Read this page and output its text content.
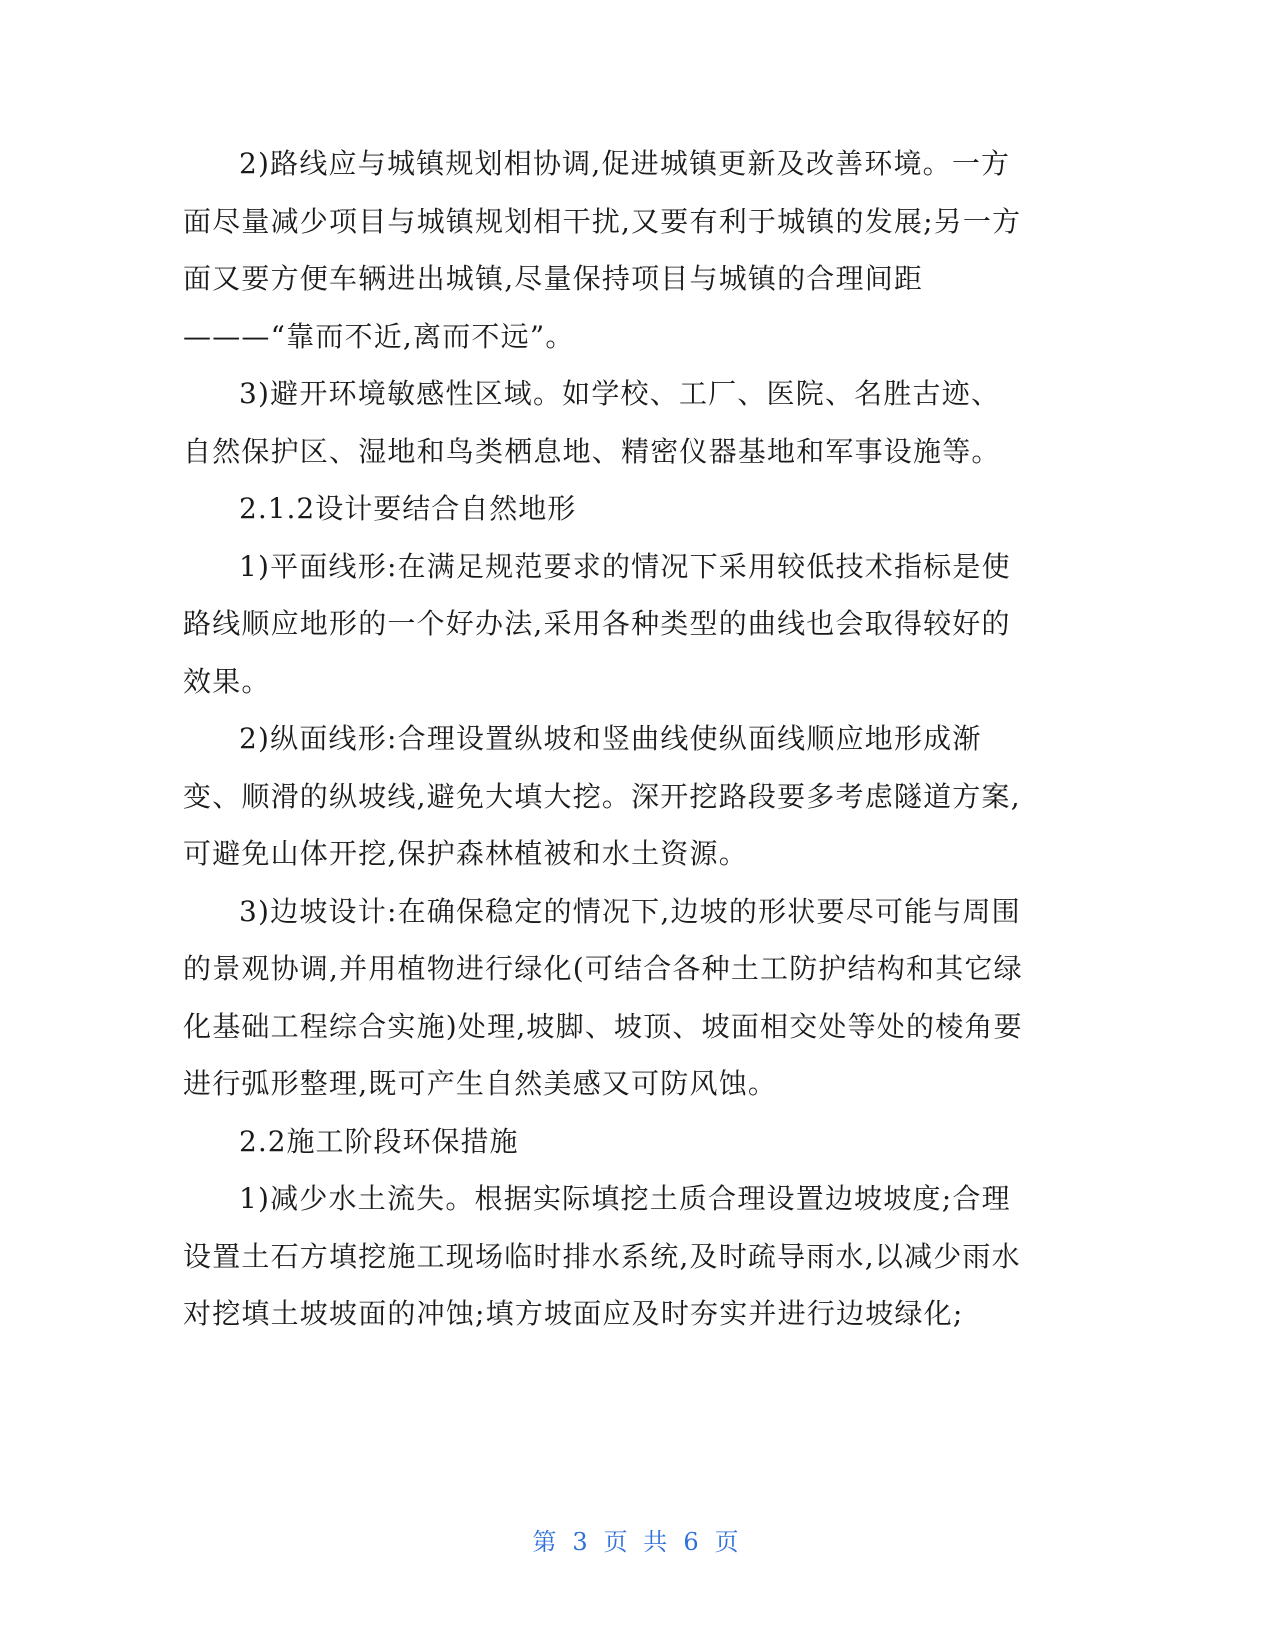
2)路线应与城镇规划相协调,促进城镇更新及改善环境。一方面尽量减少项目与城镇规划相干扰,又要有利于城镇的发展;另一方面又要方便车辆进出城镇,尽量保持项目与城镇的合理间距———“靠而不近,离而不远”。

3)避开环境敏感性区域。如学校、工厂、医院、名胜古迹、自然保护区、湿地和鸟类栖息地、精密仪器基地和军事设施等。

2.1.2设计要结合自然地形

1)平面线形:在满足规范要求的情况下采用较低技术指标是使路线顺应地形的一个好办法,采用各种类型的曲线也会取得较好的效果。

2)纵面线形:合理设置纵坡和竖曲线使纵面线顺应地形成渐变、顺滑的纵坡线,避免大填大挖。深开挖路段要多考虑隧道方案,可避免山体开挖,保护森林植被和水土资源。

3)边坡设计:在确保稳定的情况下,边坡的形状要尽可能与周围的景观协调,并用植物进行绿化(可结合各种土工防护结构和其它绿化基础工程综合实施)处理,坡脚、坡顶、坡面相交处等处的棱角要进行弧形整理,既可产生自然美感又可防风蚀。

2.2施工阶段环保措施

1)减少水土流失。根据实际填挖土质合理设置边坡坡度;合理设置土石方填挖施工现场临时排水系统,及时疏导雨水,以减少雨水对挖填土坡坡面的冲蚀;填方坡面应及时夯实并进行边坡绿化;

第 3 页 共 6 页
